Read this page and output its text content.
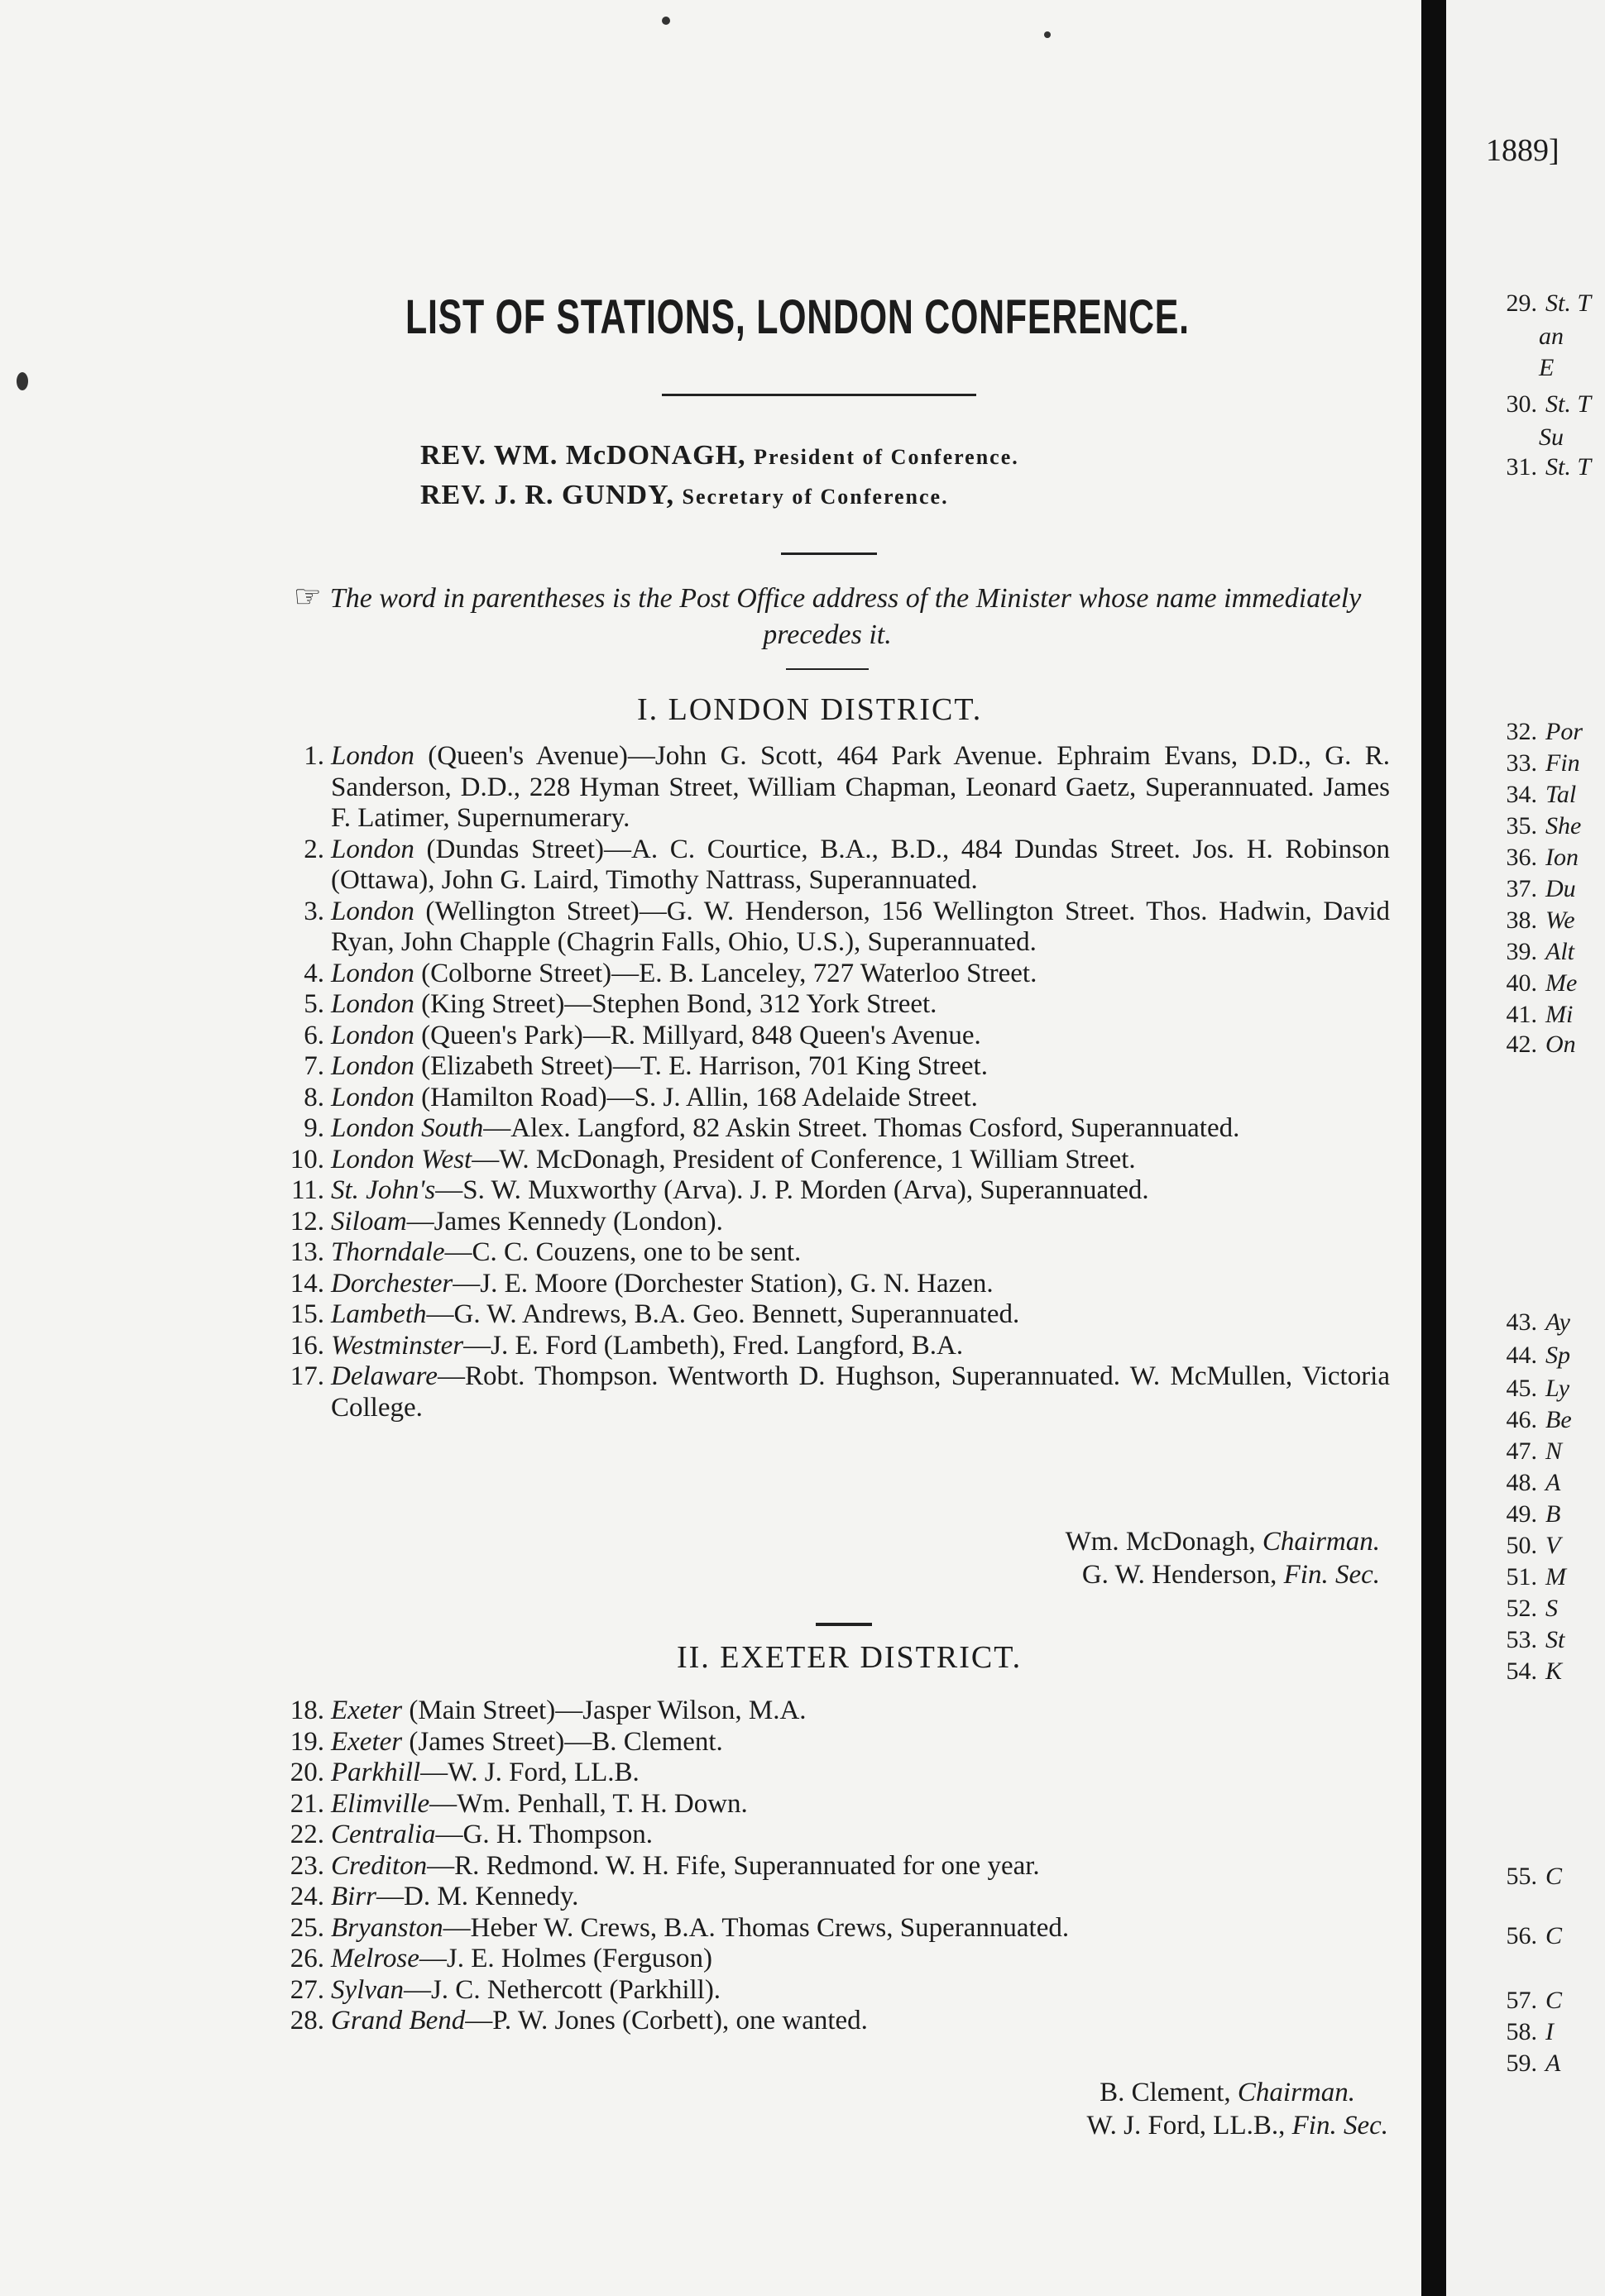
LIST OF STATIONS, LONDON CONFERENCE.
REV. WM. McDONAGH, President of Conference.
REV. J. R. GUNDY, Secretary of Conference.
☞ The word in parentheses is the Post Office address of the Minister whose name immediately precedes it.
I. LONDON DISTRICT.
1. London (Queen's Avenue)—John G. Scott, 464 Park Avenue. Ephraim Evans, D.D., G. R. Sanderson, D.D., 228 Hyman Street, William Chapman, Leonard Gaetz, Superannuated. James F. Latimer, Supernumerary.
2. London (Dundas Street)—A. C. Courtice, B.A., B.D., 484 Dundas Street. Jos. H. Robinson (Ottawa), John G. Laird, Timothy Nattrass, Superannuated.
3. London (Wellington Street)—G. W. Henderson, 156 Wellington Street. Thos. Hadwin, David Ryan, John Chapple (Chagrin Falls, Ohio, U.S.), Superannuated.
4. London (Colborne Street)—E. B. Lanceley, 727 Waterloo Street.
5. London (King Street)—Stephen Bond, 312 York Street.
6. London (Queen's Park)—R. Millyard, 848 Queen's Avenue.
7. London (Elizabeth Street)—T. E. Harrison, 701 King Street.
8. London (Hamilton Road)—S. J. Allin, 168 Adelaide Street.
9. London South—Alex. Langford, 82 Askin Street. Thomas Cosford, Superannuated.
10. London West—W. McDonagh, President of Conference, 1 William Street.
11. St. John's—S. W. Muxworthy (Arva). J. P. Morden (Arva), Superannuated.
12. Siloam—James Kennedy (London).
13. Thorndale—C. C. Couzens, one to be sent.
14. Dorchester—J. E. Moore (Dorchester Station), G. N. Hazen.
15. Lambeth—G. W. Andrews, B.A. Geo. Bennett, Superannuated.
16. Westminster—J. E. Ford (Lambeth), Fred. Langford, B.A.
17. Delaware—Robt. Thompson. Wentworth D. Hughson, Superannuated. W. McMullen, Victoria College.
Wm. McDonagh, Chairman.
G. W. Henderson, Fin. Sec.
II. EXETER DISTRICT.
18. Exeter (Main Street)—Jasper Wilson, M.A.
19. Exeter (James Street)—B. Clement.
20. Parkhill—W. J. Ford, LL.B.
21. Elimville—Wm. Penhall, T. H. Down.
22. Centralia—G. H. Thompson.
23. Crediton—R. Redmond. W. H. Fife, Superannuated for one year.
24. Birr—D. M. Kennedy.
25. Bryanston—Heber W. Crews, B.A. Thomas Crews, Superannuated.
26. Melrose—J. E. Holmes (Ferguson)
27. Sylvan—J. C. Nethercott (Parkhill).
28. Grand Bend—P. W. Jones (Corbett), one wanted.
B. Clement, Chairman.
W. J. Ford, LL.B., Fin. Sec.
1889]
29. St. T
an
E
30. St. T
Su
31. St. T
32. Por
33. Fin
34. Tal
35. She
36. Ion
37. Du
38. We
39. Alt
40. Me
41. Mi
42. On
43. Ay
44. Sp
45. Ly
46. Be
47. N
48. A
49. B
50. V
51. M
52. S
53. St
54. K
55. C
56. C
57. C
58. I
59. A
